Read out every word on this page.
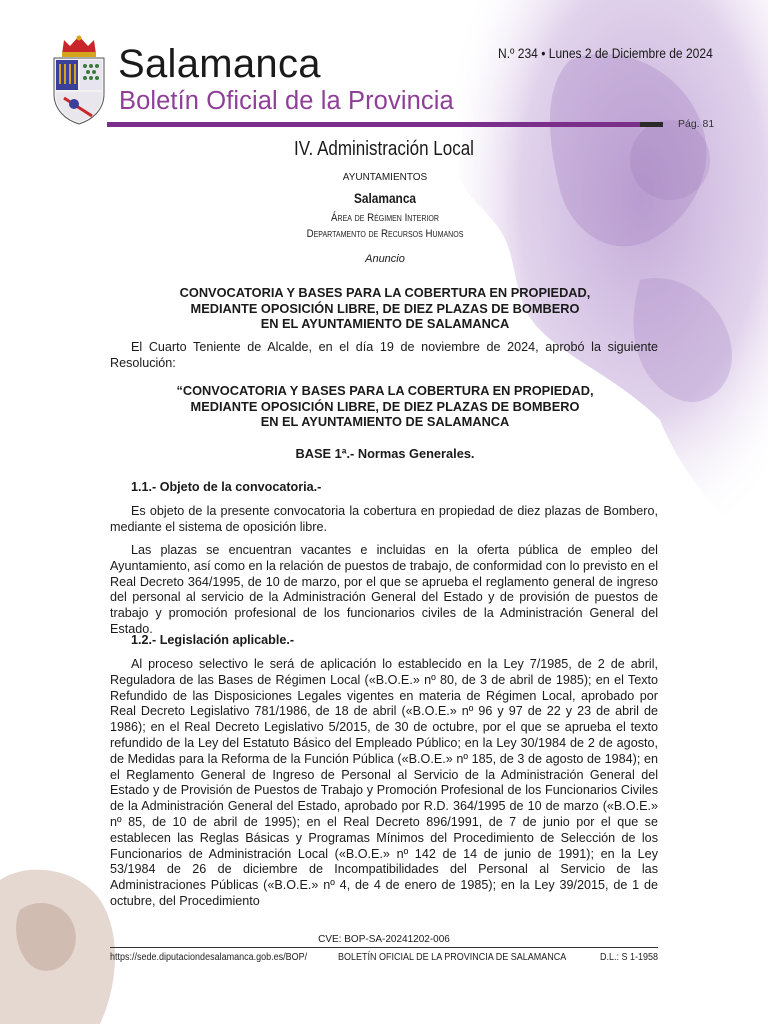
Salamanca
Boletín Oficial de la Provincia
N.º 234 • Lunes 2 de Diciembre de 2024
Pág. 81
IV. Administración Local
AYUNTAMIENTOS
Salamanca
Área de Régimen Interior
Departamento de Recursos Humanos
Anuncio
CONVOCATORIA Y BASES PARA LA COBERTURA EN PROPIEDAD,
MEDIANTE OPOSICIÓN LIBRE, DE DIEZ PLAZAS DE BOMBERO
EN EL AYUNTAMIENTO DE SALAMANCA

El Cuarto Teniente de Alcalde, en el día 19 de noviembre de 2024, aprobó la siguiente Resolución:

“CONVOCATORIA Y BASES PARA LA COBERTURA EN PROPIEDAD,
MEDIANTE OPOSICIÓN LIBRE, DE DIEZ PLAZAS DE BOMBERO
EN EL AYUNTAMIENTO DE SALAMANCA
BASE 1ª.- Normas Generales.

1.1.- Objeto de la convocatoria.-

Es objeto de la presente convocatoria la cobertura en propiedad de diez plazas de Bombero, mediante el sistema de oposición libre.

Las plazas se encuentran vacantes e incluidas en la oferta pública de empleo del Ayuntamiento, así como en la relación de puestos de trabajo, de conformidad con lo previsto en el Real Decreto 364/1995, de 10 de marzo, por el que se aprueba el reglamento general de ingreso del personal al servicio de la Administración General del Estado y de provisión de puestos de trabajo y promoción profesional de los funcionarios civiles de la Administración General del Estado.

1.2.- Legislación aplicable.-

Al proceso selectivo le será de aplicación lo establecido en la Ley 7/1985, de 2 de abril, Reguladora de las Bases de Régimen Local («B.O.E.» nº 80, de 3 de abril de 1985); en el Texto Refundido de las Disposiciones Legales vigentes en materia de Régimen Local, aprobado por Real Decreto Legislativo 781/1986, de 18 de abril («B.O.E.» nº 96 y 97 de 22 y 23 de abril de 1986); en el Real Decreto Legislativo 5/2015, de 30 de octubre, por el que se aprueba el texto refundido de la Ley del Estatuto Básico del Empleado Público; en la Ley 30/1984 de 2 de agosto, de Medidas para la Reforma de la Función Pública («B.O.E.» nº 185, de 3 de agosto de 1984); en el Reglamento General de Ingreso de Personal al Servicio de la Administración General del Estado y de Provisión de Puestos de Trabajo y Promoción Profesional de los Funcionarios Civiles de la Administración General del Estado, aprobado por R.D. 364/1995 de 10 de marzo («B.O.E.» nº 85, de 10 de abril de 1995); en el Real Decreto 896/1991, de 7 de junio por el que se establecen las Reglas Básicas y Programas Mínimos del Procedimiento de Selección de los Funcionarios de Administración Local («B.O.E.» nº 142 de 14 de junio de 1991); en la Ley 53/1984 de 26 de diciembre de Incompatibilidades del Personal al Servicio de las Administraciones Públicas («B.O.E.» nº 4, de 4 de enero de 1985); en la Ley 39/2015, de 1 de octubre, del Procedimiento

CVE: BOP-SA-20241202-006
https://sede.diputaciondesalamanca.gob.es/BOP/	BOLETÍN OFICIAL DE LA PROVINCIA DE SALAMANCA	D.L.: S 1-1958
